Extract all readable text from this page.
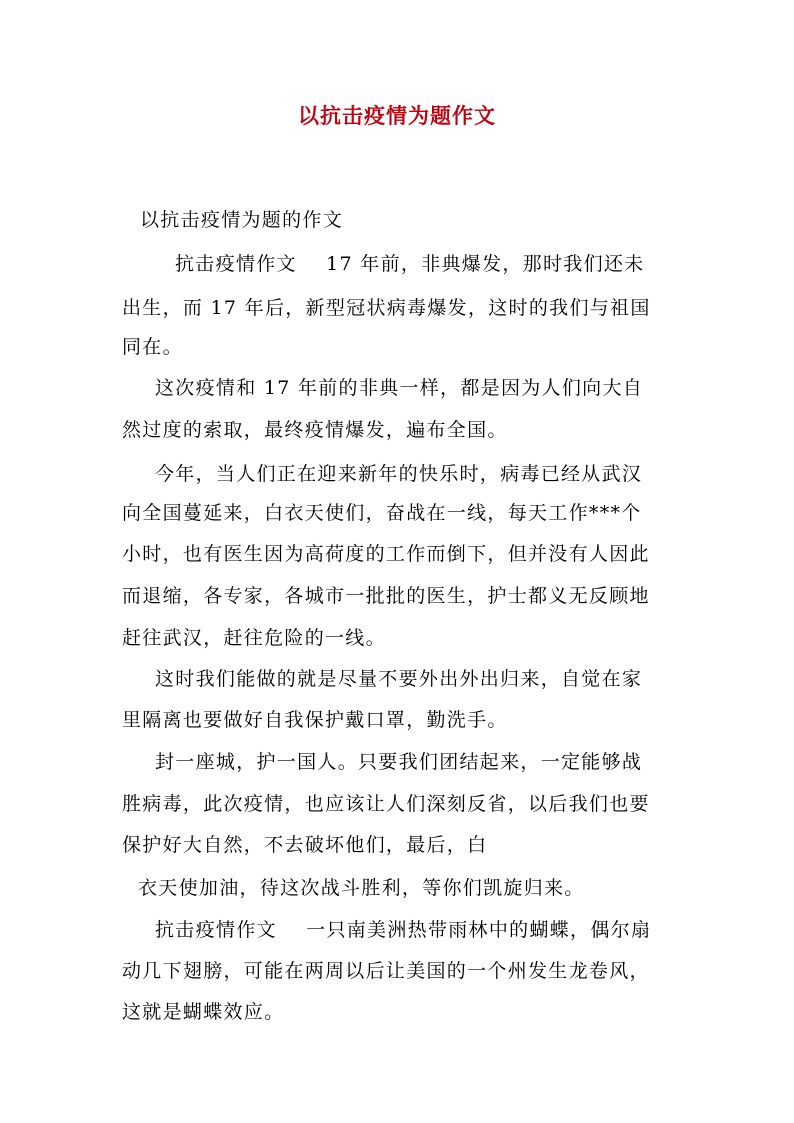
以抗击疫情为题作文
以抗击疫情为题的作文
抗击疫情作文    17 年前，非典爆发，那时我们还未
出生，而 17 年后，新型冠状病毒爆发，这时的我们与祖国
同在。
这次疫情和 17 年前的非典一样，都是因为人们向大自
然过度的索取，最终疫情爆发，遍布全国。
今年，当人们正在迎来新年的快乐时，病毒已经从武汉
向全国蔓延来，白衣天使们，奋战在一线，每天工作***个
小时，也有医生因为高荷度的工作而倒下，但并没有人因此
而退缩，各专家，各城市一批批的医生，护士都义无反顾地
赶往武汉，赶往危险的一线。
这时我们能做的就是尽量不要外出外出归来，自觉在家
里隔离也要做好自我保护戴口罩，勤洗手。
封一座城，护一国人。只要我们团结起来，一定能够战
胜病毒，此次疫情，也应该让人们深刻反省，以后我们也要
保护好大自然，不去破坏他们，最后，白
衣天使加油，待这次战斗胜利，等你们凯旋归来。
抗击疫情作文    一只南美洲热带雨林中的蝴蝶，偶尔扇
动几下翅膀，可能在两周以后让美国的一个州发生龙卷风，
这就是蝴蝶效应。
